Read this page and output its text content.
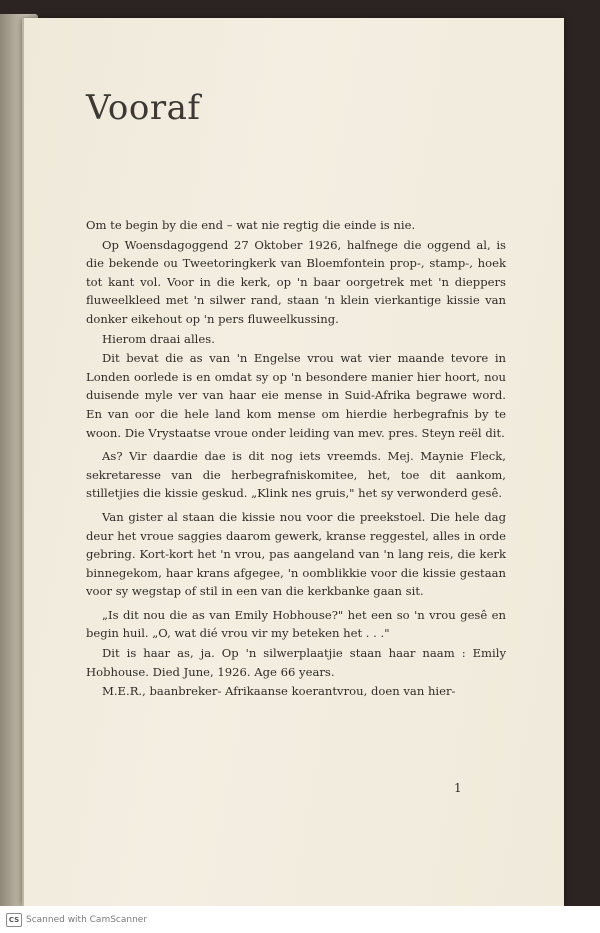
Vooraf

Om te begin by die end – wat nie regtig die einde is nie.

Op Woensdagoggend 27 Oktober 1926, halfnege die oggend al, is die bekende ou Tweetoringkerk van Bloemfontein prop-, stamp-, hoek tot kant vol. Voor in die kerk, op 'n baar oorgetrek met 'n dieppers fluweelkleed met 'n silwer rand, staan 'n klein vierkantige kissie van donker eikehout op 'n pers fluweelkussing.

Hierom draai alles.

Dit bevat die as van 'n Engelse vrou wat vier maande tevore in Londen oorlede is en omdat sy op 'n besondere manier hier hoort, nou duisende myle ver van haar eie mense in Suid-Afrika begrawe word. En van oor die hele land kom mense om hierdie herbegrafnis by te woon. Die Vrystaatse vroue onder leiding van mev. pres. Steyn reël dit.

As? Vir daardie dae is dit nog iets vreemds. Mej. Maynie Fleck, sekretaresse van die herbegrafniskomitee, het, toe dit aankom, stilletjies die kissie geskud. „Klink nes gruis," het sy verwonderd gesê.

Van gister al staan die kissie nou voor die preekstoel. Die hele dag deur het vroue saggies daarom gewerk, kranse reggestel, alles in orde gebring. Kort-kort het 'n vrou, pas aangeland van 'n lang reis, die kerk binnegekom, haar krans afgegee, 'n oomblikkie voor die kissie gestaan voor sy wegstap of stil in een van die kerkbanke gaan sit.

„Is dit nou die as van Emily Hobhouse?" het een so 'n vrou gesê en begin huil. „O, wat dié vrou vir my beteken het . . ."

Dit is haar as, ja. Op 'n silwerplaatjie staan haar naam : Emily Hobhouse. Died June, 1926. Age 66 years.

M.E.R., baanbreker- Afrikaanse koerantvrou, doen van hier-

1
CS Scanned with CamScanner
